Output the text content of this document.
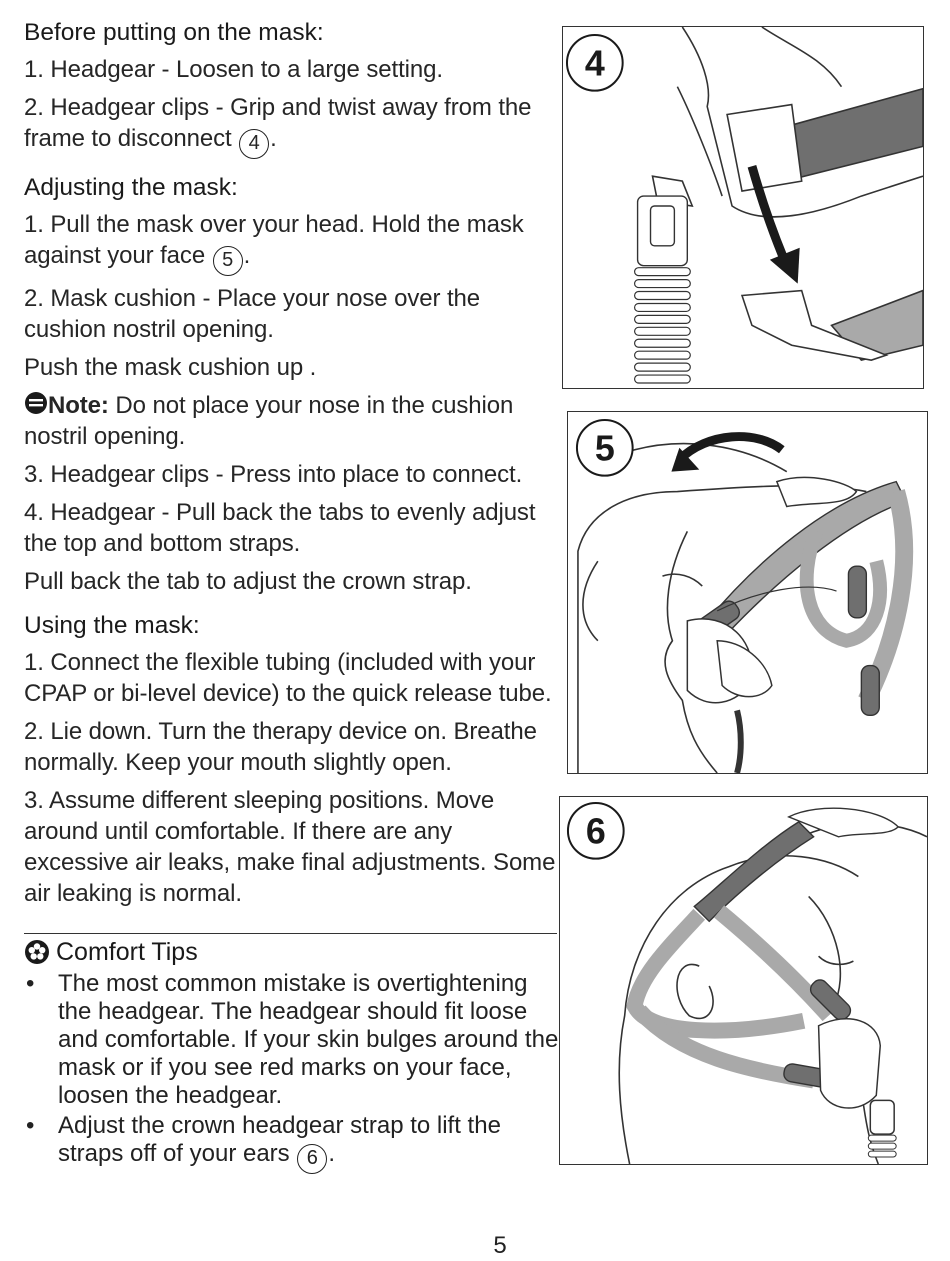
Before putting on the mask:

1. Headgear - Loosen to a large setting.

2. Headgear clips - Grip and twist away from the frame to disconnect 4 .

Adjusting the mask:

1. Pull the mask over your head. Hold the mask against your face 5 .

2. Mask cushion - Place your nose over the cushion nostril opening.

Push the mask cushion up .

Note: Do not place your nose in the cushion nostril opening.

3. Headgear clips - Press into place to connect.

4. Headgear - Pull back the tabs to evenly adjust the top and bottom straps.

Pull back the tab to adjust the crown strap.

Using the mask:

1. Connect the flexible tubing (included with your CPAP or bi-level device) to the quick release tube.

2. Lie down. Turn the therapy device on. Breathe normally. Keep your mouth slightly open.

3. Assume different sleeping positions. Move around until comfortable. If there are any excessive air leaks, make final adjustments. Some air leaking is normal.

Comfort Tips
• The most common mistake is overtightening the headgear. The headgear should fit loose and comfortable. If your skin bulges around the mask or if you see red marks on your face, loosen the headgear.
• Adjust the crown headgear strap to lift the straps off of your ears 6 .
4
5
6
5
